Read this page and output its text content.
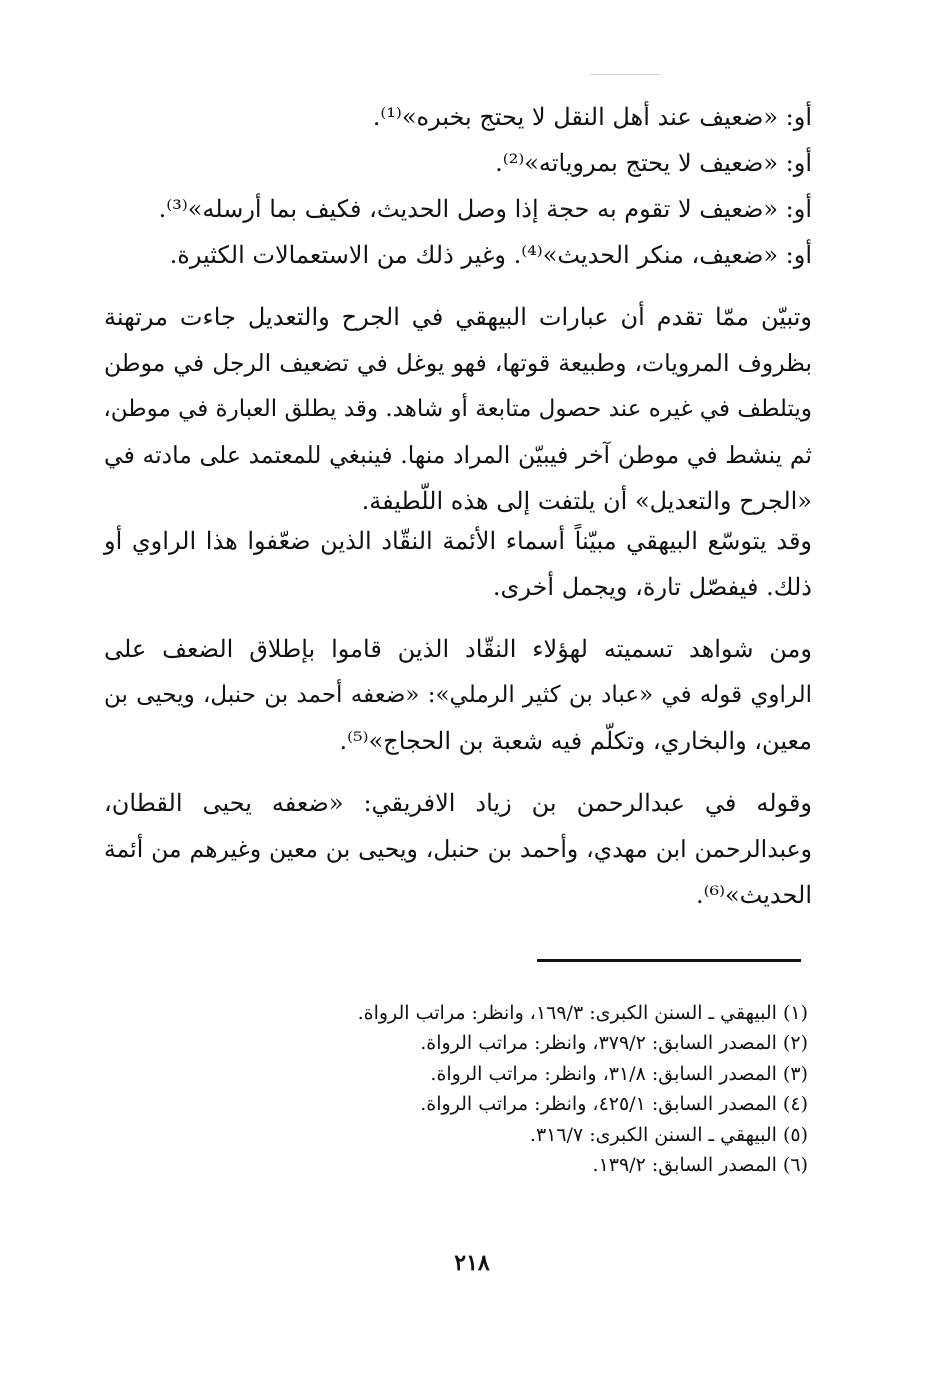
أو: «ضعيف عند أهل النقل لا يحتج بخبره»⁽¹⁾.
أو: «ضعيف لا يحتج بمروياته»⁽²⁾.
أو: «ضعيف لا تقوم به حجة إذا وصل الحديث، فكيف بما أرسله»⁽³⁾.
أو: «ضعيف، منكر الحديث»⁽⁴⁾. وغير ذلك من الاستعمالات الكثيرة.
وتبيّن ممّا تقدم أن عبارات البيهقي في الجرح والتعديل جاءت مرتهنة
بظروف المرويات، وطبيعة قوتها، فهو يوغل في تضعيف الرجل في موطن
ويتلطف في غيره عند حصول متابعة أو شاهد. وقد يطلق العبارة في موطن،
ثم ينشط في موطن آخر فيبيّن المراد منها. فينبغي للمعتمد على مادته في
«الجرح والتعديل» أن يلتفت إلى هذه اللّطيفة.
وقد يتوسّع البيهقي مبيّناً أسماء الأئمة النقّاد الذين ضعّفوا هذا الراوي أو
ذلك. فيفصّل تارة، ويجمل أخرى.
ومن شواهد تسميته لهؤلاء النقّاد الذين قاموا بإطلاق الضعف على
الراوي قوله في «عباد بن كثير الرملي»: «ضعفه أحمد بن حنبل، ويحيى بن
معين، والبخاري، وتكلّم فيه شعبة بن الحجاج»⁽⁵⁾.
وقوله في عبدالرحمن بن زياد الافريقي: «ضعفه يحيى القطان،
وعبدالرحمن ابن مهدي، وأحمد بن حنبل، ويحيى بن معين وغيرهم من أئمة
الحديث»⁽⁶⁾.
(١) البيهقي ـ السنن الكبرى: ١٦٩/٣، وانظر: مراتب الرواة.
(٢) المصدر السابق: ٣٧٩/٢، وانظر: مراتب الرواة.
(٣) المصدر السابق: ٣١/٨، وانظر: مراتب الرواة.
(٤) المصدر السابق: ٤٢٥/١، وانظر: مراتب الرواة.
(٥) البيهقي ـ السنن الكبرى: ٣١٦/٧.
(٦) المصدر السابق: ١٣٩/٢.
٢١٨
